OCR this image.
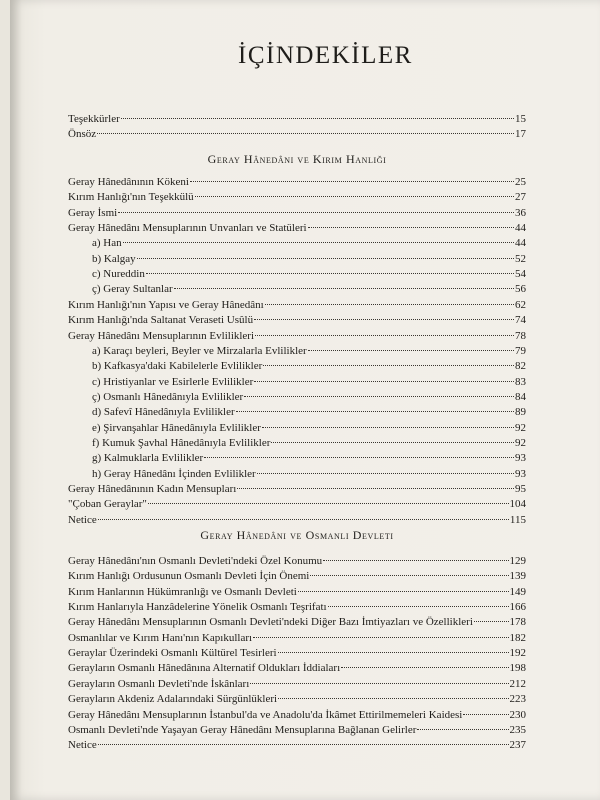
İÇİNDEKİLER
Teşekkürler	15
Önsöz	17
Geray Hânedânı ve Kırım Hanlığı
Geray Hânedânının Kökeni	25
Kırım Hanlığı'nın Teşekkülü	27
Geray İsmi	36
Geray Hânedânı Mensuplarının Unvanları ve Statüleri	44
a) Han	44
b) Kalgay	52
c) Nureddin	54
ç) Geray Sultanlar	56
Kırım Hanlığı'nın Yapısı ve Geray Hânedânı	62
Kırım Hanlığı'nda Saltanat Veraseti Usûlü	74
Geray Hânedânı Mensuplarının Evlilikleri	78
a) Karaçı beyleri, Beyler ve Mirzalarla Evlilikler	79
b) Kafkasya'daki Kabilelerle Evlilikler	82
c) Hristiyanlar ve Esirlerle Evlilikler	83
ç) Osmanlı Hânedânıyla Evlilikler	84
d) Safevî Hânedânıyla Evlilikler	89
e) Şirvanşahlar Hânedânıyla Evlilikler	92
f) Kumuk Şavhal Hânedânıyla Evlilikler	92
g) Kalmuklarla Evlilikler	93
h) Geray Hânedânı İçinden Evlilikler	93
Geray Hânedânının Kadın Mensupları	95
"Çoban Geraylar"	104
Netice	115
Geray Hânedânı ve Osmanlı Devleti
Geray Hânedânı'nın Osmanlı Devleti'ndeki Özel Konumu	129
Kırım Hanlığı Ordusunun Osmanlı Devleti İçin Önemi	139
Kırım Hanlarının Hükümranlığı ve Osmanlı Devleti	149
Kırım Hanlarıyla Hanzâdelerine Yönelik Osmanlı Teşrifatı	166
Geray Hânedânı Mensuplarının Osmanlı Devleti'ndeki Diğer Bazı İmtiyazları ve Özellikleri	178
Osmanlılar ve Kırım Hanı'nın Kapıkulları	182
Geraylar Üzerindeki Osmanlı Kültürel Tesirleri	192
Gerayların Osmanlı Hânedânına Alternatif Oldukları İddiaları	198
Gerayların Osmanlı Devleti'nde İskânları	212
Gerayların Akdeniz Adalarındaki Sürgünlükleri	223
Geray Hânedânı Mensuplarının İstanbul'da ve Anadolu'da İkâmet Ettirilmemeleri Kaidesi	230
Osmanlı Devleti'nde Yaşayan Geray Hânedânı Mensuplarına Bağlanan Gelirler	235
Netice	237
